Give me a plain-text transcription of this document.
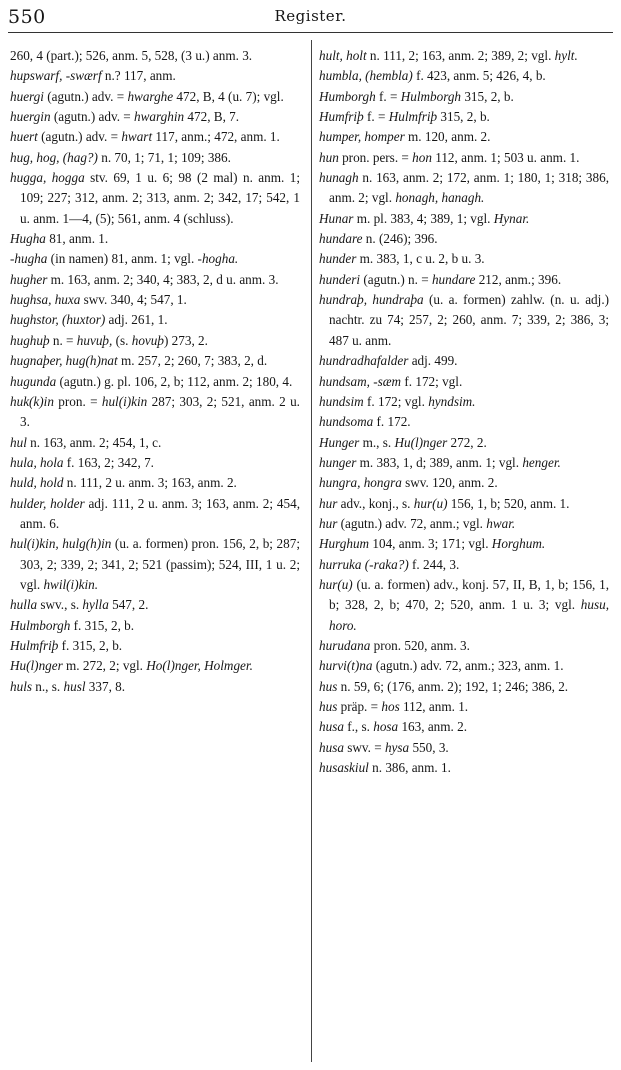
550	Register.

260, 4 (part.); 526, anm. 5, 528, (3 u.) anm. 3.

hupswarf, -swærf n.? 117, anm.

huergi (agutn.) adv. = hwarghe 472, B, 4 (u. 7); vgl.

huergin (agutn.) adv. = hwarghin 472, B, 7.

huert (agutn.) adv. = hwart 117, anm.; 472, anm. 1.

hug, hog, (hag?) n. 70, 1; 71, 1; 109; 386.

hugga, hogga stv. 69, 1 u. 6; 98 (2 mal) n. anm. 1; 109; 227; 312, anm. 2; 313, anm. 2; 342, 17; 542, 1 u. anm. 1—4, (5); 561, anm. 4 (schluss).

Hugha 81, anm. 1.

-hugha (in namen) 81, anm. 1; vgl. -hogha.

hugher m. 163, anm. 2; 340, 4; 383, 2, d u. anm. 3.

hughsa, huxa swv. 340, 4; 547, 1.

hughstor, (huxtor) adj. 261, 1.

hughuþ n. = huvuþ, (s. hovuþ) 273, 2.

hugnaþer, hug(h)nat m. 257, 2; 260, 7; 383, 2, d.

hugunda (agutn.) g. pl. 106, 2, b; 112, anm. 2; 180, 4.

huk(k)in pron. = hul(i)kin 287; 303, 2; 521, anm. 2 u. 3.

hul n. 163, anm. 2; 454, 1, c.

hula, hola f. 163, 2; 342, 7.

huld, hold n. 111, 2 u. anm. 3; 163, anm. 2.

hulder, holder adj. 111, 2 u. anm. 3; 163, anm. 2; 454, anm. 6.

hul(i)kin, hulg(h)in (u. a. formen) pron. 156, 2, b; 287; 303, 2; 339, 2; 341, 2; 521 (passim); 524, III, 1 u. 2; vgl. hwil(i)kin.

hulla swv., s. hylla 547, 2.

Hulmborgh f. 315, 2, b.

Hulmfriþ f. 315, 2, b.

Hu(l)nger m. 272, 2; vgl. Ho(l)nger, Holmger.

huls n., s. husl 337, 8.

hult, holt n. 111, 2; 163, anm. 2; 389, 2; vgl. hylt.

humbla, (hembla) f. 423, anm. 5; 426, 4, b.

Humborgh f. = Hulmborgh 315, 2, b.

Humfriþ f. = Hulmfriþ 315, 2, b.

humper, homper m. 120, anm. 2.

hun pron. pers. = hon 112, anm. 1; 503 u. anm. 1.

hunagh n. 163, anm. 2; 172, anm. 1; 180, 1; 318; 386, anm. 2; vgl. honagh, hanagh.

Hunar m. pl. 383, 4; 389, 1; vgl. Hynar.

hundare n. (246); 396.

hunder m. 383, 1, c u. 2, b u. 3.

hunderi (agutn.) n. = hundare 212, anm.; 396.

hundraþ, hundraþa (u. a. formen) zahlw. (n. u. adj.) nachtr. zu 74; 257, 2; 260, anm. 7; 339, 2; 386, 3; 487 u. anm.

hundradhafalder adj. 499.

hundsam, -sæm f. 172; vgl.

hundsim f. 172; vgl. hyndsim.

hundsoma f. 172.

Hunger m., s. Hu(l)nger 272, 2.

hunger m. 383, 1, d; 389, anm. 1; vgl. henger.

hungra, hongra swv. 120, anm. 2.

hur adv., konj., s. hur(u) 156, 1, b; 520, anm. 1.

hur (agutn.) adv. 72, anm.; vgl. hwar.

Hurghum 104, anm. 3; 171; vgl. Horghum.

hurruka (-raka?) f. 244, 3.

hur(u) (u. a. formen) adv., konj. 57, II, B, 1, b; 156, 1, b; 328, 2, b; 470, 2; 520, anm. 1 u. 3; vgl. husu, horo.

hurudana pron. 520, anm. 3.

hurvi(t)na (agutn.) adv. 72, anm.; 323, anm. 1.

hus n. 59, 6; (176, anm. 2); 192, 1; 246; 386, 2.

hus präp. = hos 112, anm. 1.

husa f., s. hosa 163, anm. 2.

husa swv. = hysa 550, 3.

husaskiul n. 386, anm. 1.
